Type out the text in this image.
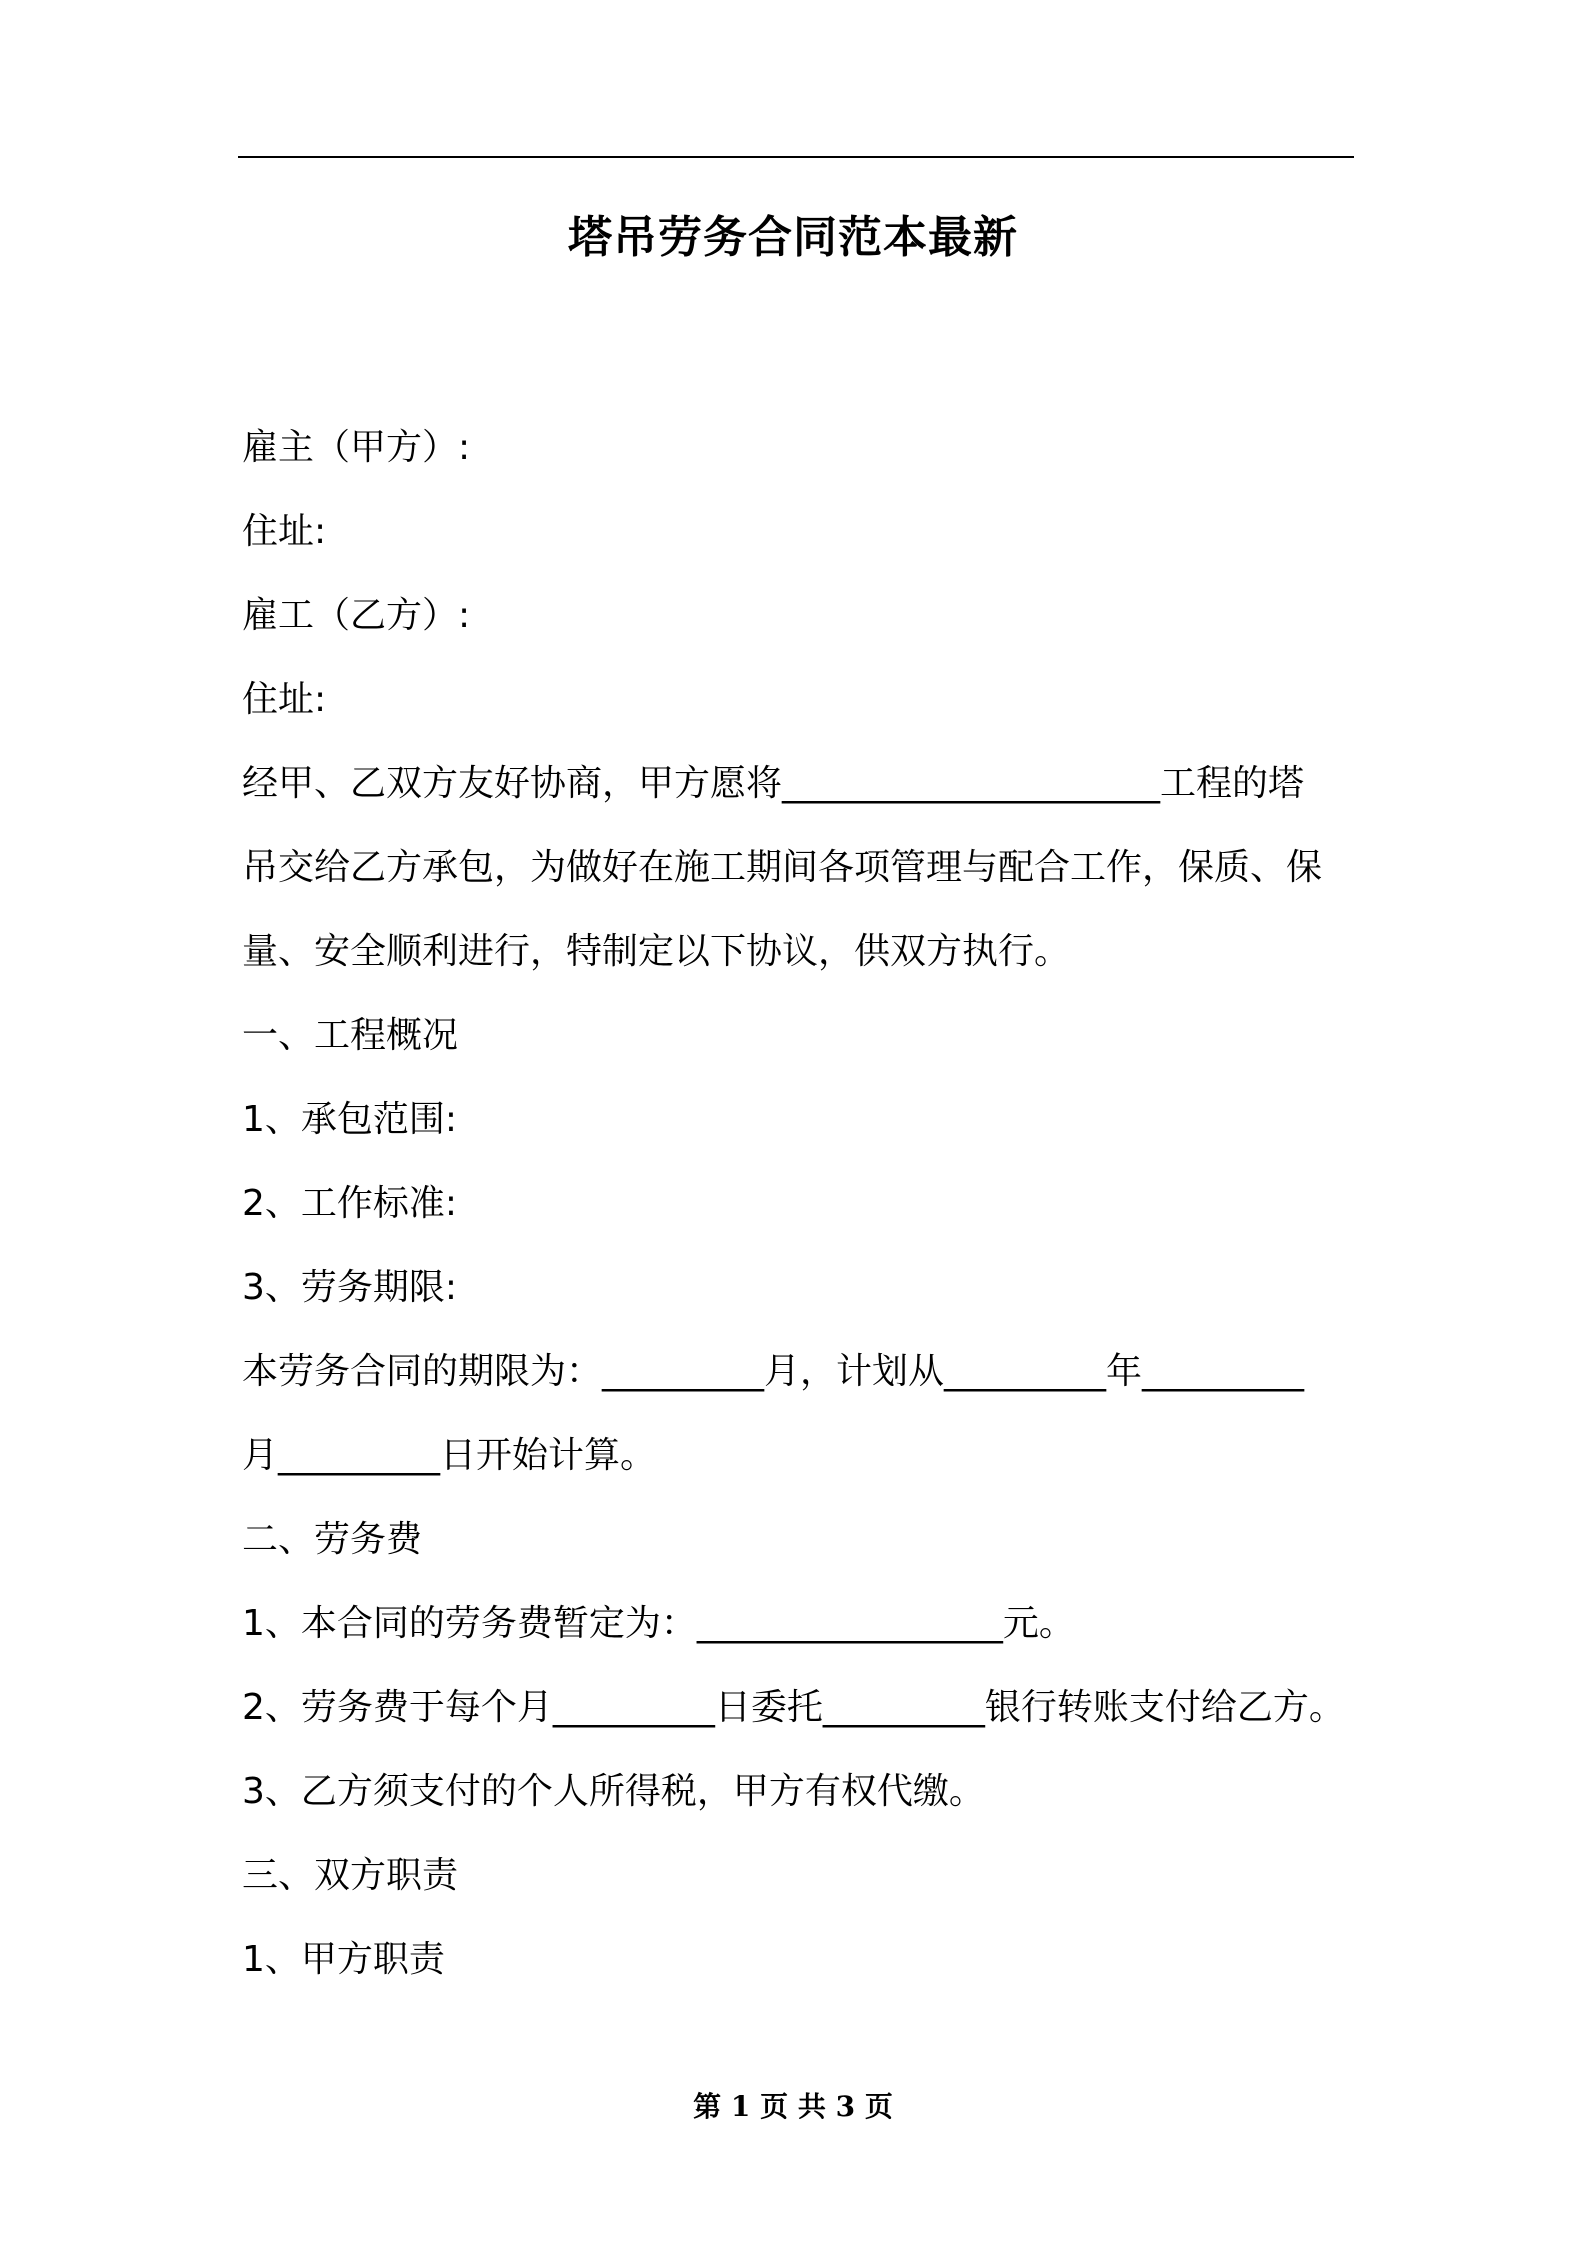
塔吊劳务合同范本最新

雇主（甲方）:

住址:

雇工（乙方）:

住址:

经甲、乙双方友好协商，甲方愿将_____________________工程的塔

吊交给乙方承包，为做好在施工期间各项管理与配合工作，保质、保

量、安全顺利进行，特制定以下协议，供双方执行。

一、工程概况

1、承包范围:

2、工作标准:

3、劳务期限:

本劳务合同的期限为：_________月，计划从_________年_________

月_________日开始计算。

二、劳务费

1、本合同的劳务费暂定为：_________________元。

2、劳务费于每个月_________日委托_________银行转账支付给乙方。

3、乙方须支付的个人所得税，甲方有权代缴。

三、双方职责

1、甲方职责

第 1 页 共 3 页
